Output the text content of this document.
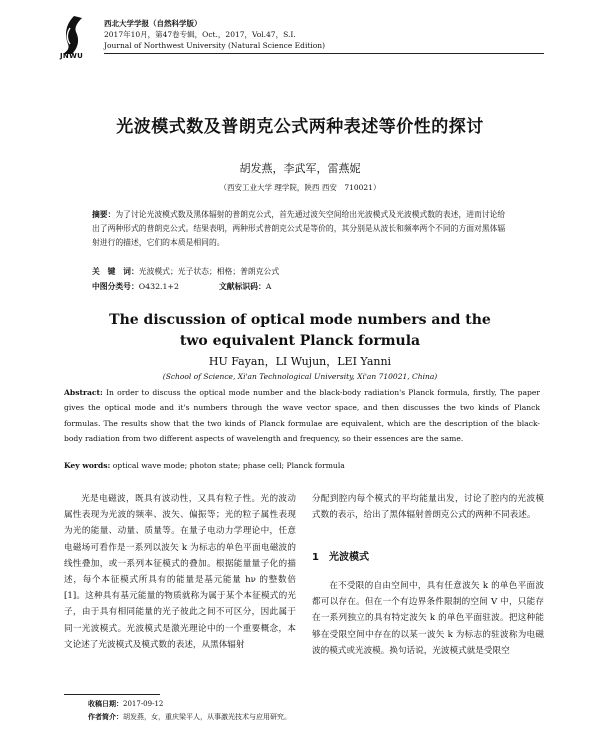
JNWU
西北大学学报（自然科学版）
2017年10月，第47卷专辑，Oct.，2017，Vol.47，S.I.
Journal of Northwest University (Natural Science Edition)
光波模式数及普朗克公式两种表述等价性的探讨
胡发燕，李武军，雷燕妮
（西安工业大学 理学院，陕西 西安　710021）
摘要：为了讨论光波模式数及黑体辐射的普朗克公式，首先通过波矢空间给出光波模式及光波模式数的表述，进而讨论给出了两种形式的普朗克公式。结果表明，两种形式普朗克公式是等价的，其分别是从波长和频率两个不同的方面对黑体辐射进行的描述，它们的本质是相同的。
关　键　词：光波模式；光子状态；相格；普朗克公式
中图分类号：O432.1+2	文献标识码：A
The discussion of optical mode numbers and the
two equivalent Planck formula
HU Fayan，LI Wujun，LEI Yanni
(School of Science, Xi'an Technological University, Xi'an 710021, China)
Abstract: In order to discuss the optical mode number and the black-body radiation's Planck formula, firstly, The paper gives the optical mode and it's numbers through the wave vector space, and then discusses the two kinds of Planck formulas. The results show that the two kinds of Planck formulae are equivalent, which are the description of the black-body radiation from two different aspects of wavelength and frequency, so their essences are the same.
Key words: optical wave mode; photon state; phase cell; Planck formula
光是电磁波，既具有波动性，又具有粒子性。光的波动属性表现为光波的频率、波矢、偏振等；光的粒子属性表现为光的能量、动量、质量等。在量子电动力学理论中，任意电磁场可看作是一系列以波矢 k 为标志的单色平面电磁波的线性叠加，或一系列本征模式的叠加。根据能量量子化的描述，每个本征模式所具有的能量是基元能量 hν 的整数倍[1]。这种具有基元能量的物质就称为属于某个本征模式的光子，由于具有相同能量的光子彼此之间不可区分，因此属于同一光波模式。光波模式是激光理论中的一个重要概念，本文论述了光波模式及模式数的表述，从黑体辐射
分配到腔内每个模式的平均能量出发，讨论了腔内的光波模式数的表示，给出了黑体辐射普朗克公式的两种不同表述。
1　光波模式
在不受限的自由空间中，具有任意波矢 k 的单色平面波都可以存在。但在一个有边界条件限制的空间 V 中，只能存在一系列独立的具有特定波矢 k 的单色平面驻波。把这种能够在受限空间中存在的以某一波矢 k 为标志的驻波称为电磁波的模式或光波模。换句话说，光波模式就是受限空
收稿日期：2017-09-12
作者简介：胡发燕，女，重庆梁平人，从事激光技术与应用研究。
